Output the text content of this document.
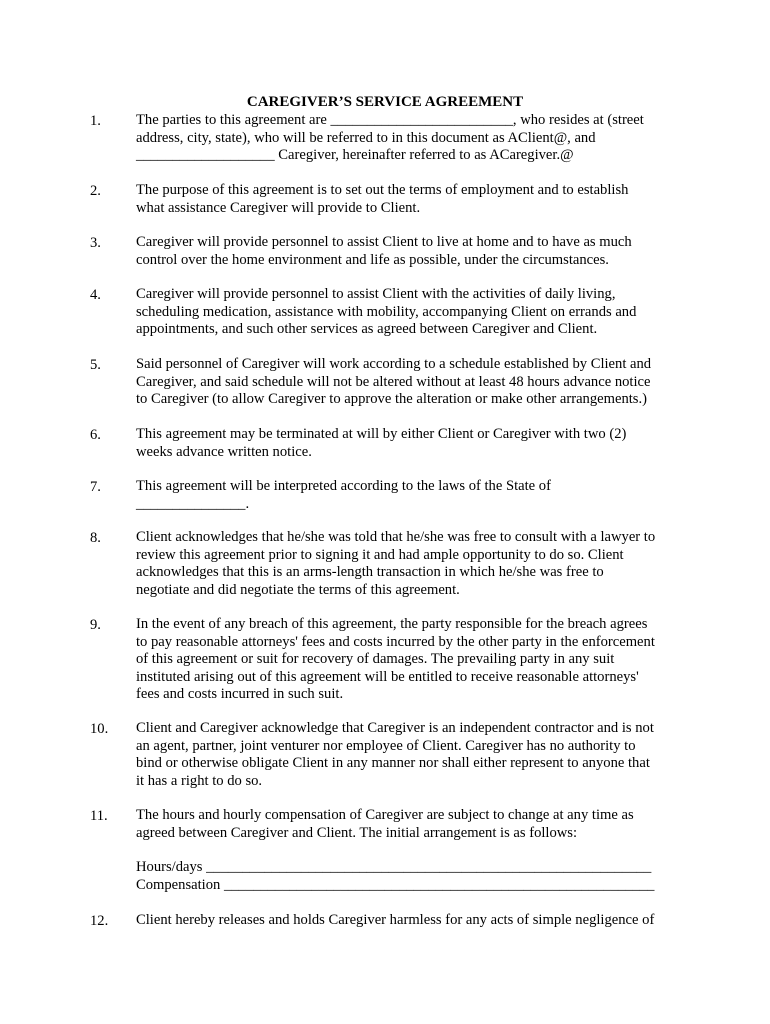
CAREGIVER’S SERVICE AGREEMENT
1. The parties to this agreement are _________________________, who resides at (street
address, city, state), who will be referred to in this document as AClient@, and
___________________ Caregiver, hereinafter referred to as ACaregiver.@
2. The purpose of this agreement is to set out the terms of employment and to establish
what assistance Caregiver will provide to Client.
3. Caregiver will provide personnel to assist Client to live at home and to have as much
control over the home environment and life as possible, under the circumstances.
4. Caregiver will provide personnel to assist Client with the activities of daily living,
scheduling medication, assistance with mobility, accompanying Client on errands and
appointments, and such other services as agreed between Caregiver and Client.
5. Said personnel of Caregiver will work according to a schedule established by Client and
Caregiver, and said schedule will not be altered without at least 48 hours advance notice
to Caregiver (to allow Caregiver to approve the alteration or make other arrangements.)
6. This agreement may be terminated at will by either Client or Caregiver with two (2)
weeks advance written notice.
7. This agreement will be interpreted according to the laws of the State of
_______________.
8. Client acknowledges that he/she was told that he/she was free to consult with a lawyer to
review this agreement prior to signing it and had ample opportunity to do so. Client
acknowledges that this is an arms-length transaction in which he/she was free to
negotiate and did negotiate the terms of this agreement.
9. In the event of any breach of this agreement, the party responsible for the breach agrees
to pay reasonable attorneys' fees and costs incurred by the other party in the enforcement
of this agreement or suit for recovery of damages. The prevailing party in any suit
instituted arising out of this agreement will be entitled to receive reasonable attorneys'
fees and costs incurred in such suit.
10. Client and Caregiver acknowledge that Caregiver is an independent contractor and is not
an agent, partner, joint venturer nor employee of Client. Caregiver has no authority to
bind or otherwise obligate Client in any manner nor shall either represent to anyone that
it has a right to do so.
11. The hours and hourly compensation of Caregiver are subject to change at any time as
agreed between Caregiver and Client. The initial arrangement is as follows:
Hours/days _____________________________________________________________
Compensation ___________________________________________________________
12. Client hereby releases and holds Caregiver harmless for any acts of simple negligence of
